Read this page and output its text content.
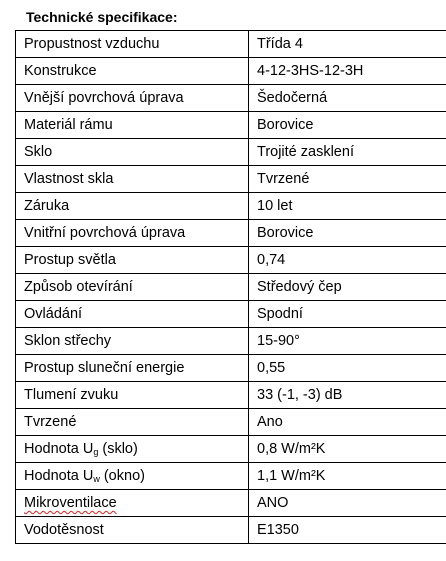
Technické specifikace:
Propustnost vzduchu	Třída 4
Konstrukce	4-12-3HS-12-3H
Vnější povrchová úprava	Šedočerná
Materiál rámu	Borovice
Sklo	Trojité zasklení
Vlastnost skla	Tvrzené
Záruka	10 let
Vnitřní povrchová úprava	Borovice
Prostup světla	0,74
Způsob otevírání	Středový čep
Ovládání	Spodní
Sklon střechy	15-90°
Prostup sluneční energie	0,55
Tlumení zvuku	33 (-1, -3) dB
Tvrzené	Ano
Hodnota $U_g$ (sklo)	0,8 W/m²K
Hodnota $U_w$ (okno)	1,1 W/m²K
Mikroventilace	ANO
Vodotěsnost	E1350
